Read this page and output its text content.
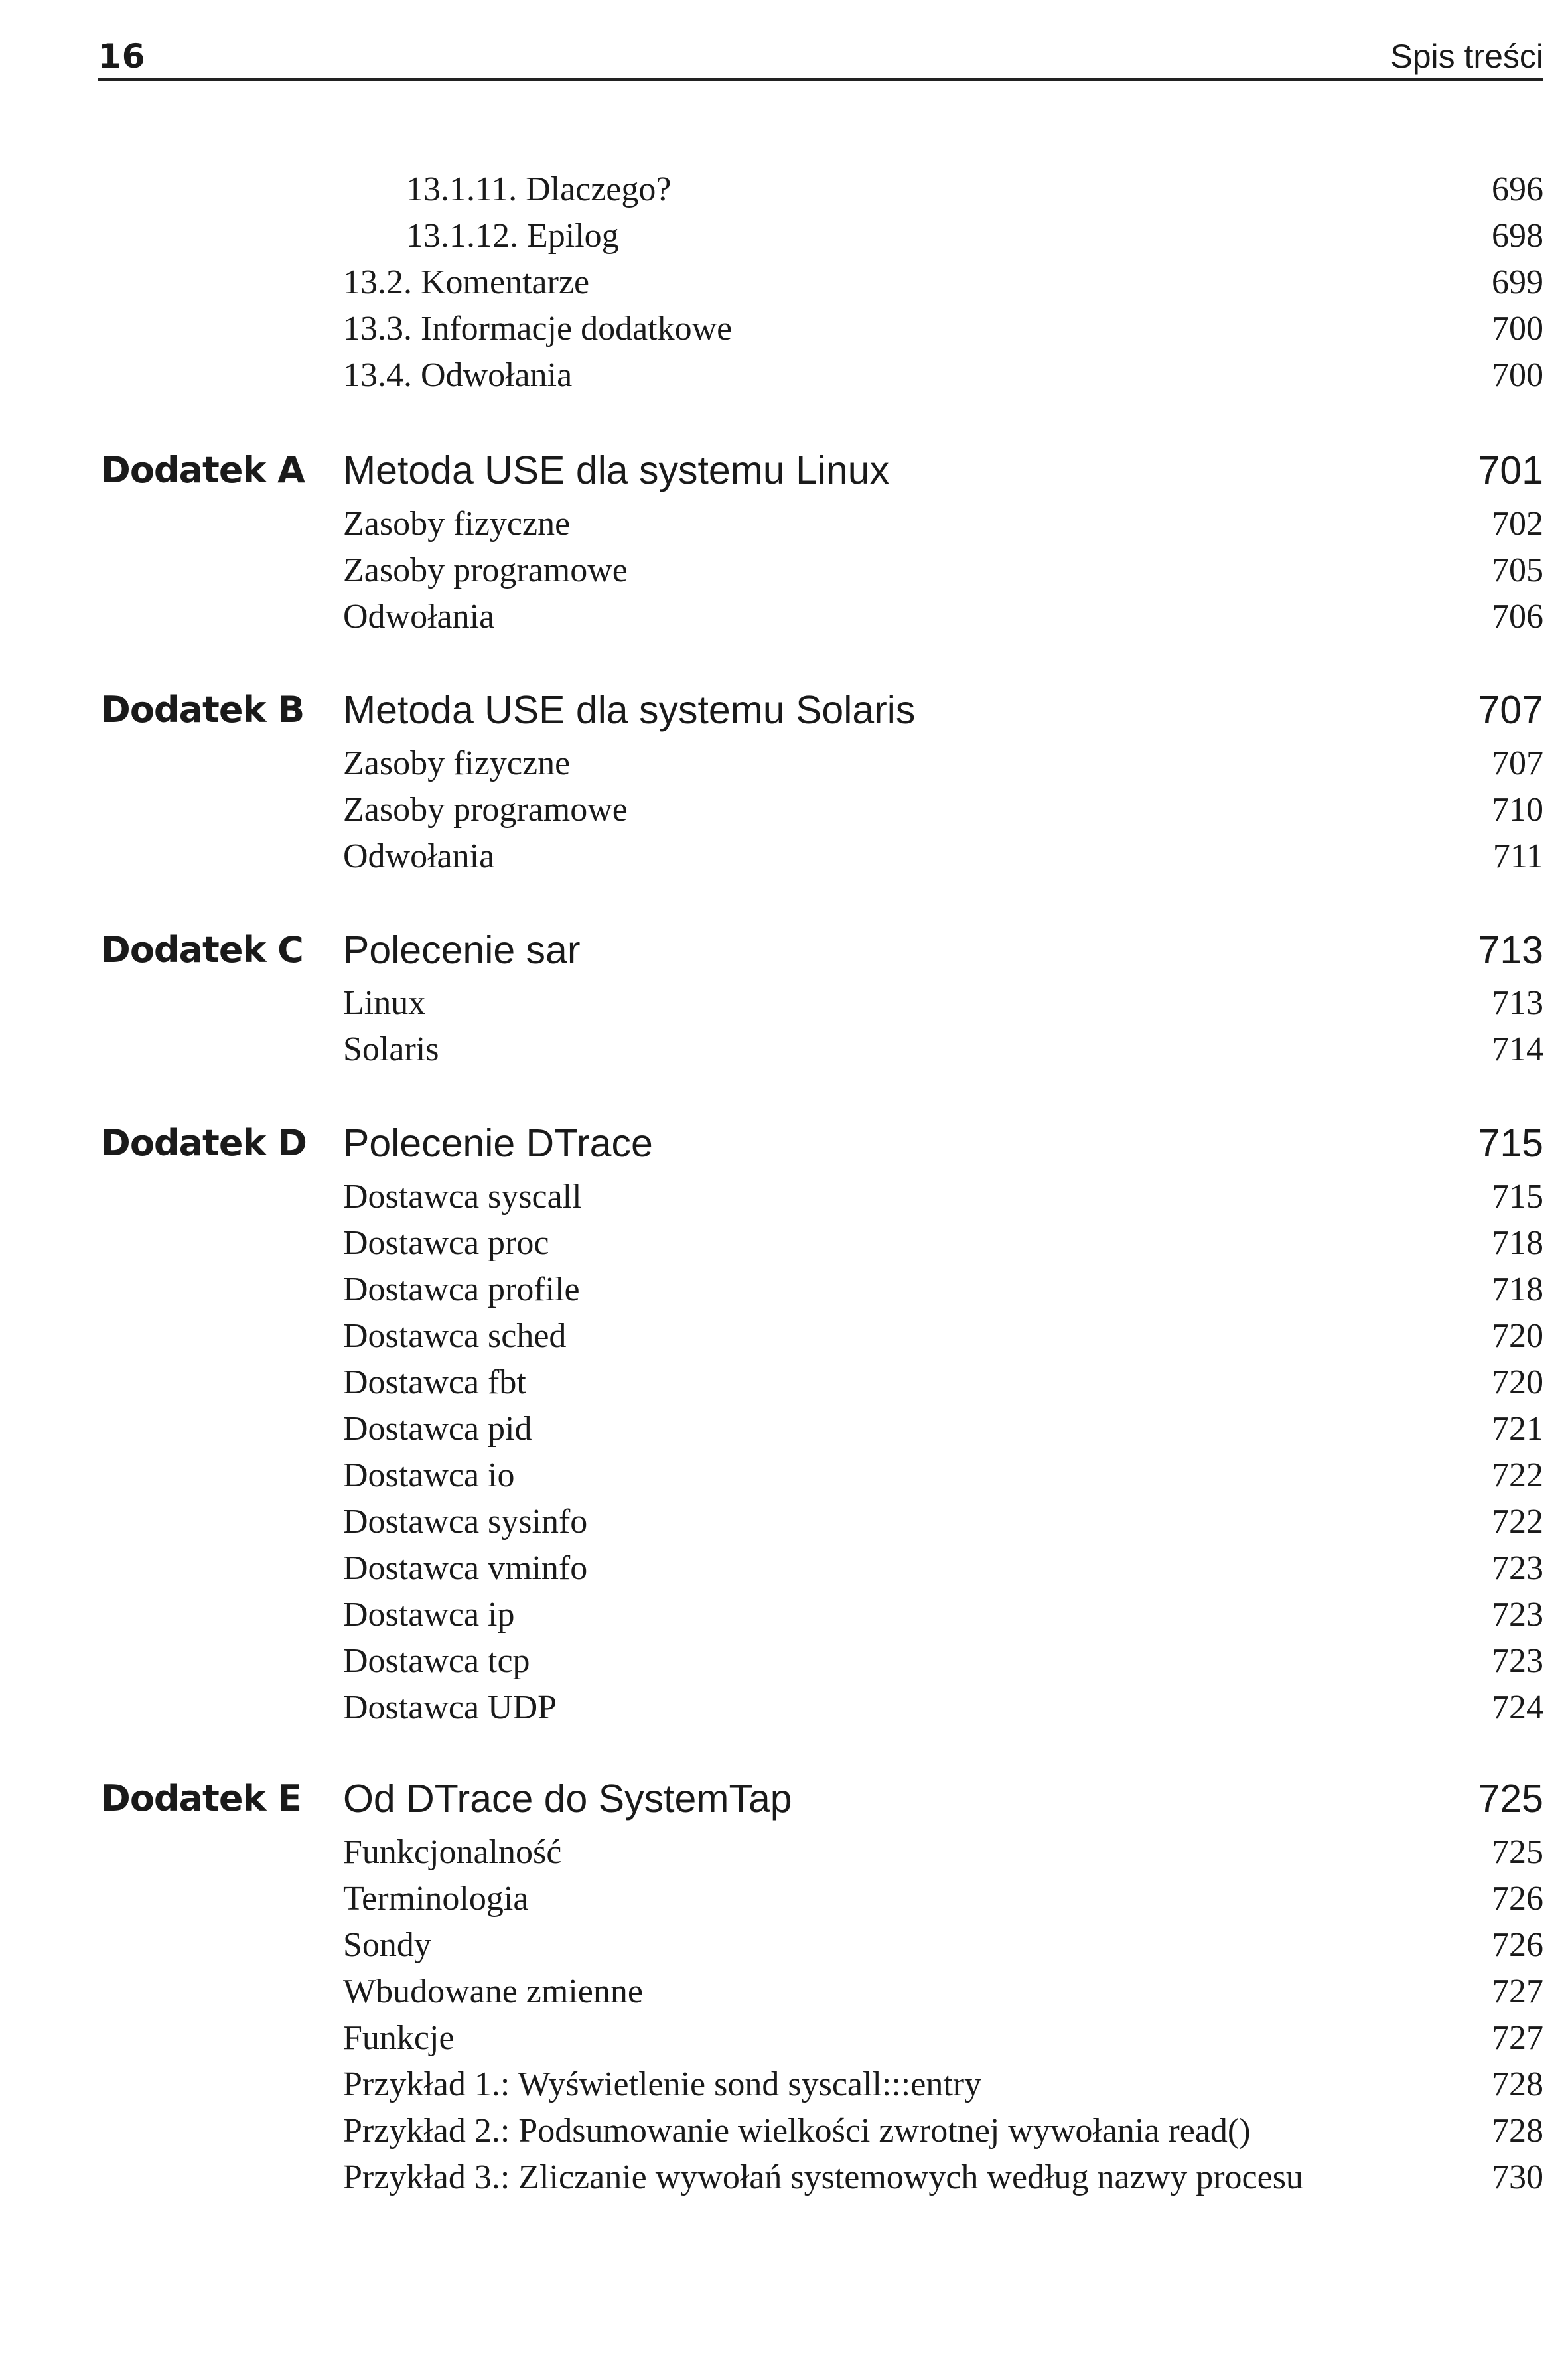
16	Spis treści
13.1.11. Dlaczego?	696
13.1.12. Epilog	698
13.2. Komentarze	699
13.3. Informacje dodatkowe	700
13.4. Odwołania	700
Dodatek A Metoda USE dla systemu Linux	701
Zasoby fizyczne	702
Zasoby programowe	705
Odwołania	706
Dodatek B Metoda USE dla systemu Solaris	707
Zasoby fizyczne	707
Zasoby programowe	710
Odwołania	711
Dodatek C Polecenie sar	713
Linux	713
Solaris	714
Dodatek D Polecenie DTrace	715
Dostawca syscall	715
Dostawca proc	718
Dostawca profile	718
Dostawca sched	720
Dostawca fbt	720
Dostawca pid	721
Dostawca io	722
Dostawca sysinfo	722
Dostawca vminfo	723
Dostawca ip	723
Dostawca tcp	723
Dostawca UDP	724
Dodatek E Od DTrace do SystemTap	725
Funkcjonalność	725
Terminologia	726
Sondy	726
Wbudowane zmienne	727
Funkcje	727
Przykład 1.: Wyświetlenie sond syscall:::entry	728
Przykład 2.: Podsumowanie wielkości zwrotnej wywołania read()	728
Przykład 3.: Zliczanie wywołań systemowych według nazwy procesu	730
